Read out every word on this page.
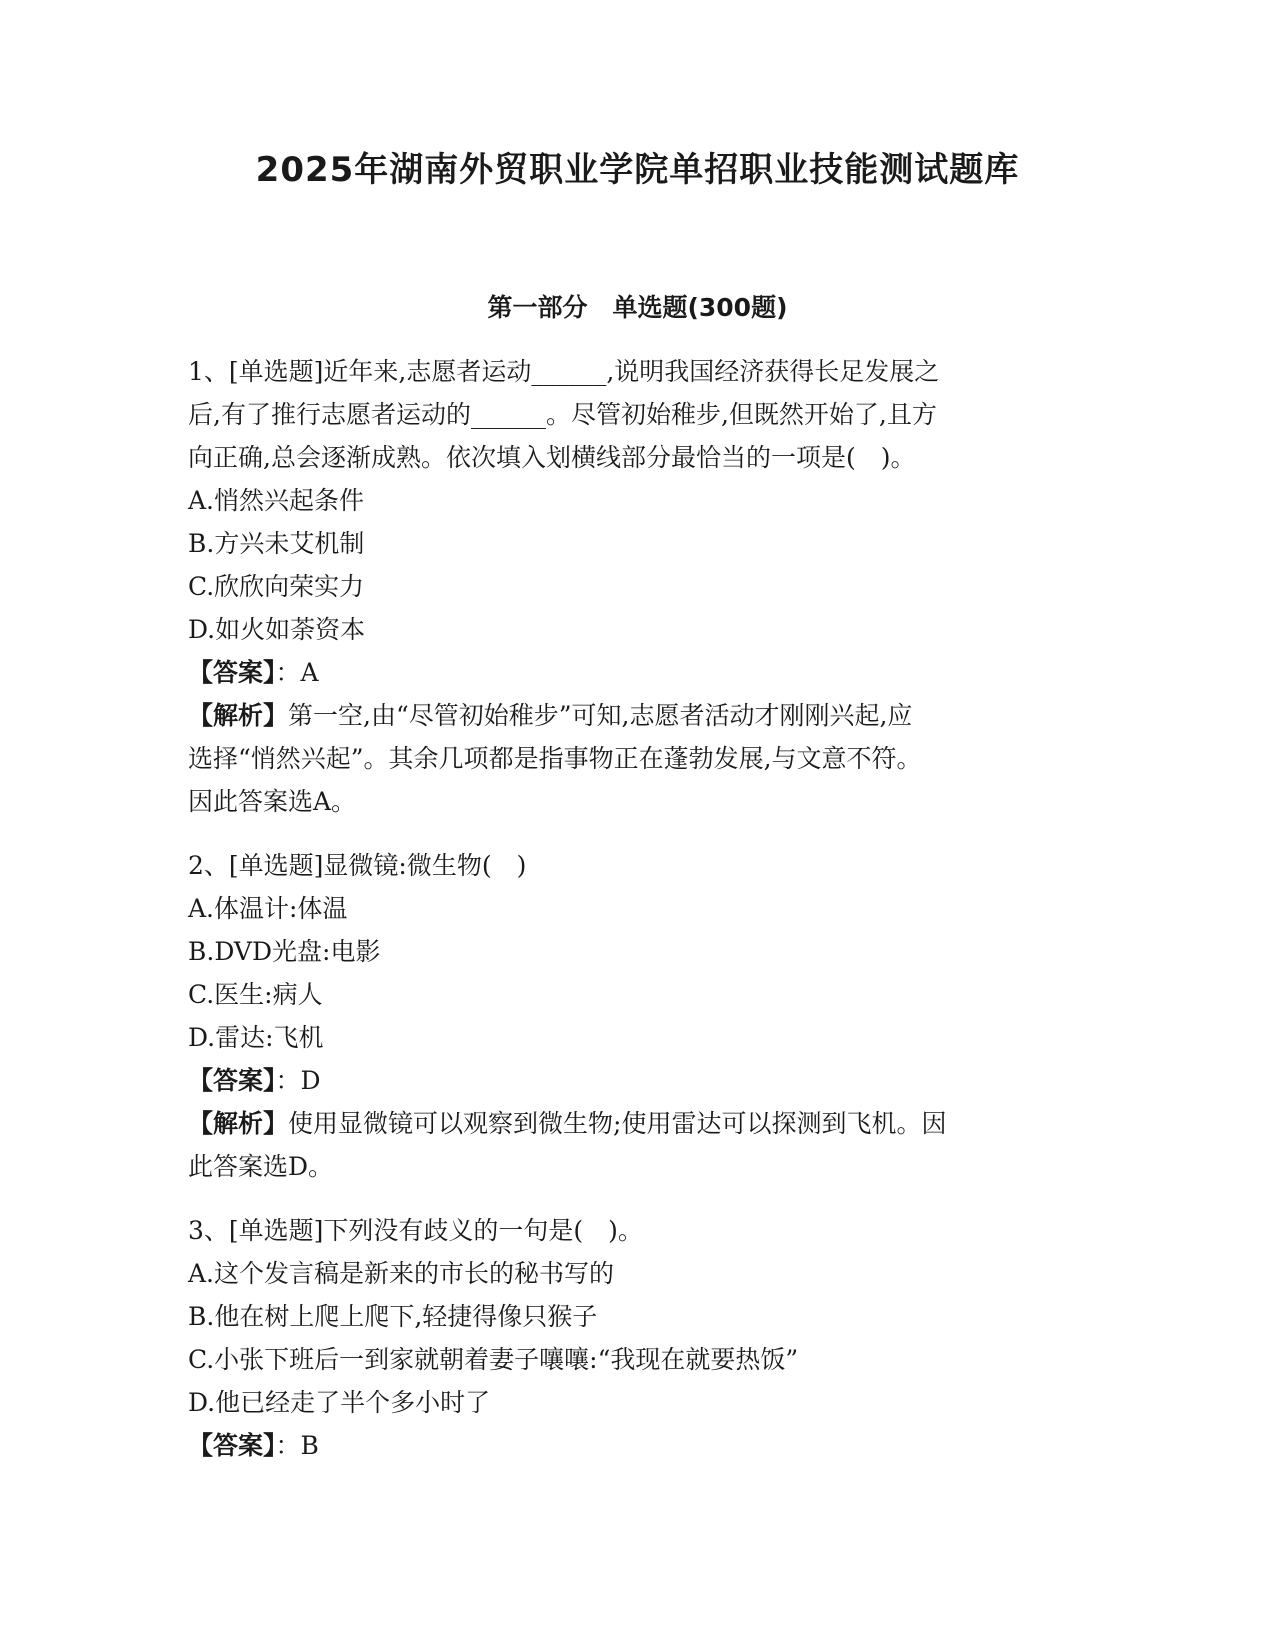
2025年湖南外贸职业学院单招职业技能测试题库
第一部分　单选题(300题)
1、[单选题]近年来,志愿者运动______,说明我国经济获得长足发展之
后,有了推行志愿者运动的______。尽管初始稚步,但既然开始了,且方
向正确,总会逐渐成熟。依次填入划横线部分最恰当的一项是(　)。
A.悄然兴起条件
B.方兴未艾机制
C.欣欣向荣实力
D.如火如荼资本
【答案】：A
【解析】第一空,由“尽管初始稚步”可知,志愿者活动才刚刚兴起,应
选择“悄然兴起”。其余几项都是指事物正在蓬勃发展,与文意不符。
因此答案选A。
2、[单选题]显微镜:微生物(　)
A.体温计:体温
B.DVD光盘:电影
C.医生:病人
D.雷达:飞机
【答案】：D
【解析】使用显微镜可以观察到微生物;使用雷达可以探测到飞机。因
此答案选D。
3、[单选题]下列没有歧义的一句是(　)。
A.这个发言稿是新来的市长的秘书写的
B.他在树上爬上爬下,轻捷得像只猴子
C.小张下班后一到家就朝着妻子嚷嚷:“我现在就要热饭”
D.他已经走了半个多小时了
【答案】：B
